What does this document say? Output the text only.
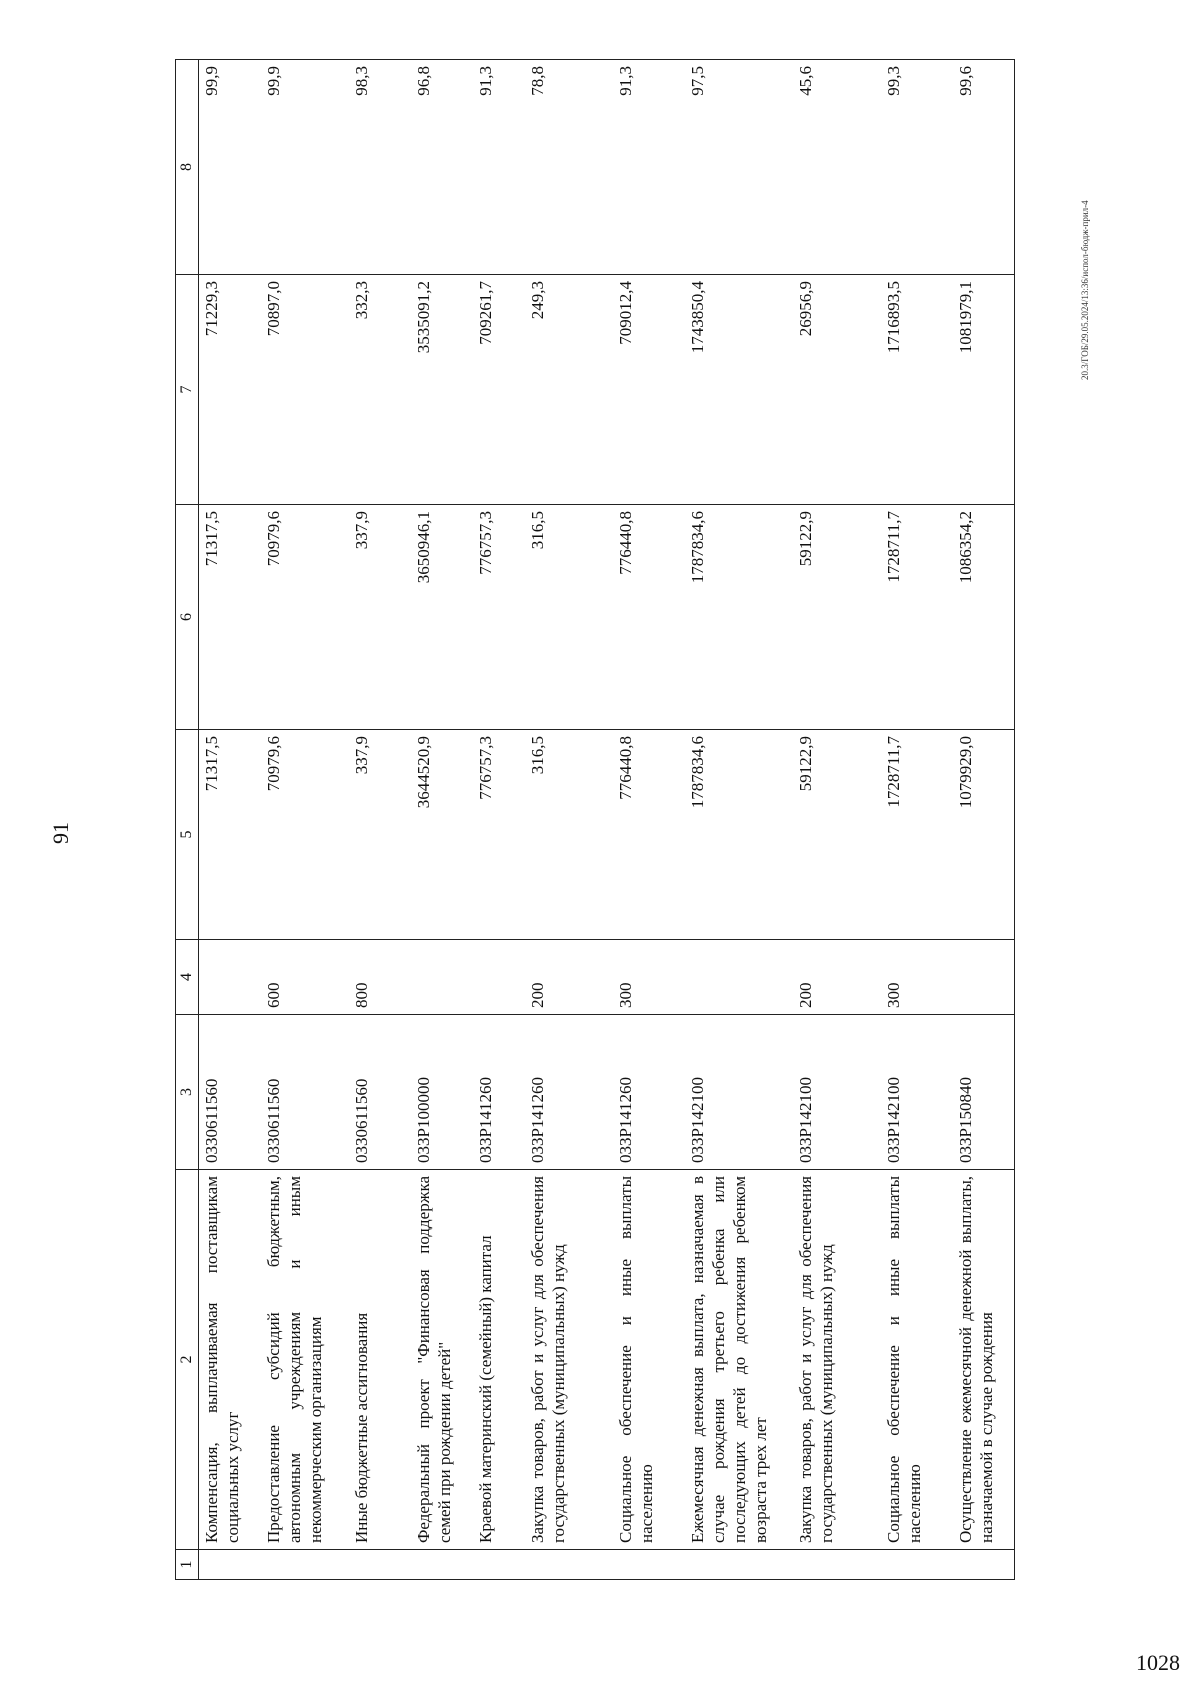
91
20.3/ГОБ/29.05.2024/13:36/испол-бюдж-прил-4
1028
1	2	3	4	5	6	7	8
	Компенсация, выплачиваемая поставщикам социальных услуг	0330611560		71317,5	71317,5	71229,3	99,9
	Предоставление субсидий бюджетным, автономным учреждениям и иным некоммерческим организациям	0330611560	600	70979,6	70979,6	70897,0	99,9
	Иные бюджетные ассигнования	0330611560	800	337,9	337,9	332,3	98,3
	Федеральный проект "Финансовая поддержка семей при рождении детей"	033P100000		3644520,9	3650946,1	3535091,2	96,8
	Краевой материнский (семейный) капитал	033P141260		776757,3	776757,3	709261,7	91,3
	Закупка товаров, работ и услуг для обеспечения государственных (муниципальных) нужд	033P141260	200	316,5	316,5	249,3	78,8
	Социальное обеспечение и иные выплаты населению	033P141260	300	776440,8	776440,8	709012,4	91,3
	Ежемесячная денежная выплата, назначаемая в случае рождения третьего ребенка или последующих детей до достижения ребенком возраста трех лет	033P142100		1787834,6	1787834,6	1743850,4	97,5
	Закупка товаров, работ и услуг для обеспечения государственных (муниципальных) нужд	033P142100	200	59122,9	59122,9	26956,9	45,6
	Социальное обеспечение и иные выплаты населению	033P142100	300	1728711,7	1728711,7	1716893,5	99,3
	Осуществление ежемесячной денежной выплаты, назначаемой в случае рождения	033P150840		1079929,0	1086354,2	1081979,1	99,6
